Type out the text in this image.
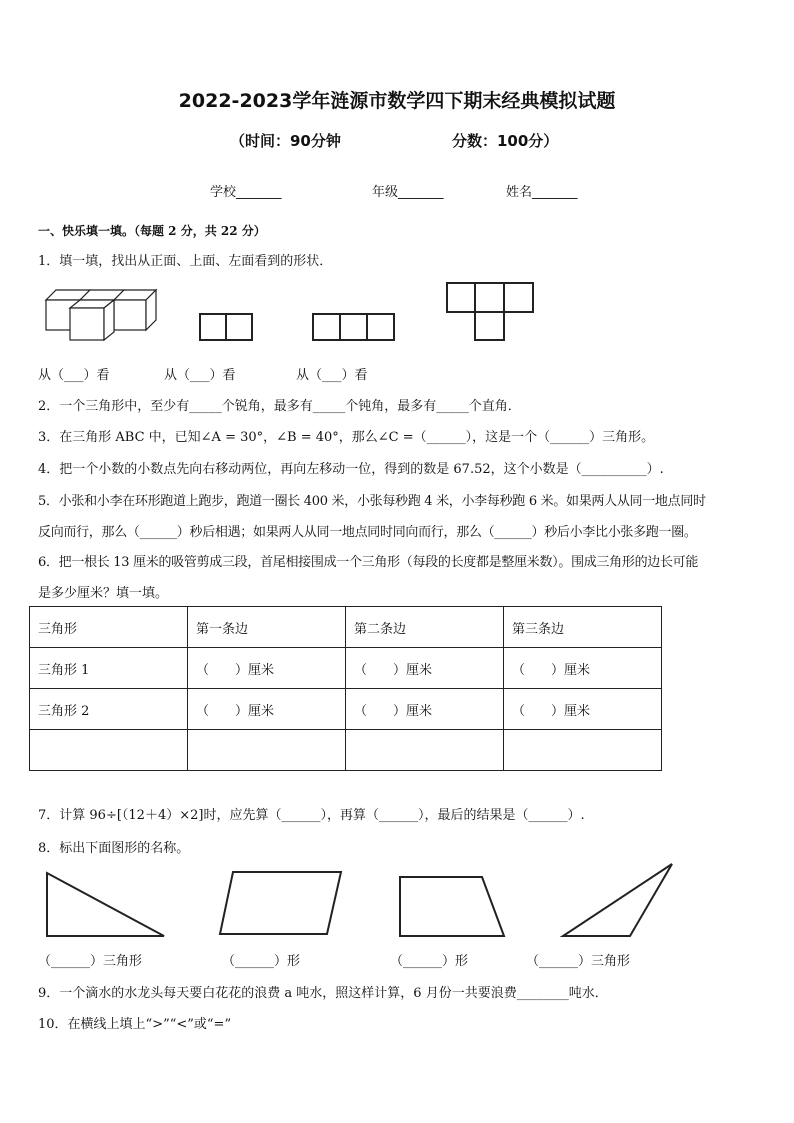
2022-2023学年涟源市数学四下期末经典模拟试题
（时间：90分钟	分数：100分）
学校_______	年级_______	姓名_______
一、快乐填一填。（每题 2 分，共 22 分）
1．填一填，找出从正面、上面、左面看到的形状．
从（___）看	从（___）看	从（___）看
2．一个三角形中，至少有_____个锐角，最多有_____个钝角，最多有_____个直角．
3．在三角形 ABC 中，已知∠A = 30°，∠B = 40°，那么∠C =（______），这是一个（______）三角形。
4．把一个小数的小数点先向右移动两位，再向左移动一位，得到的数是 67.52，这个小数是（__________）.
5．小张和小李在环形跑道上跑步，跑道一圈长 400 米，小张每秒跑 4 米，小李每秒跑 6 米。如果两人从同一地点同时
反向而行，那么（______）秒后相遇；如果两人从同一地点同时同向而行，那么（______）秒后小李比小张多跑一圈。
6．把一根长 13 厘米的吸管剪成三段，首尾相接围成一个三角形（每段的长度都是整厘米数）。围成三角形的边长可能
是多少厘米？填一填。
三角形	第一条边	第二条边	第三条边
三角形 1	（　　）厘米	（　　）厘米	（　　）厘米
三角形 2	（　　）厘米	（　　）厘米	（　　）厘米

7．计算 96÷[（12＋4）×2]时，应先算（______），再算（______），最后的结果是（______）.
8．标出下面图形的名称。
（______）三角形	（______）形	（______）形	（______）三角形
9．一个滴水的水龙头每天要白花花的浪费 a 吨水，照这样计算，6 月份一共要浪费________吨水．
10．在横线上填上“>”“<”或“=”
